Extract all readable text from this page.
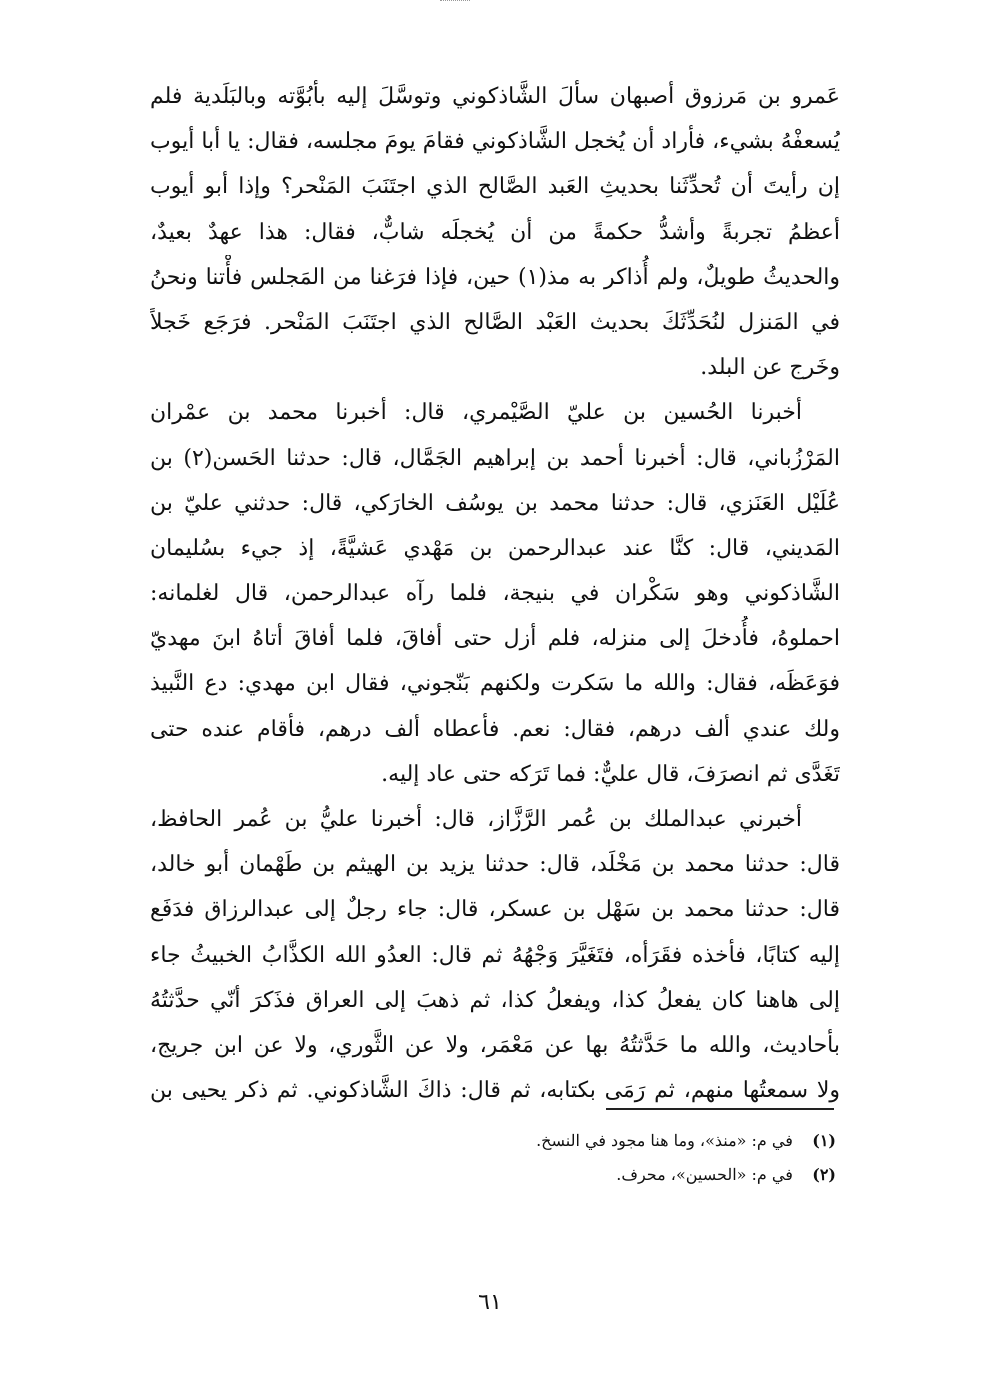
عَمرو بن مَرزوق أصبهان سألَ الشَّاذكوني وتوسَّلَ إليه بأبُوَّته وبالبَلَدية فلم
يُسعفْهُ بشيء، فأراد أن يُخجل الشَّاذكوني فقامَ يومَ مجلسه، فقال: يا أبا أيوب
إن رأيتَ أن تُحدِّثَنا بحديثِ العَبد الصَّالح الذي اجتَنَبَ المَنْحر؟ وإذا أبو أيوب
أعظمُ تجربةً وأشدُّ حكمةً من أن يُخجلَه شابٌّ، فقال: هذا عهدٌ بعيدٌ،
والحديثُ طويلٌ، ولم أُذاكر به مذ(١) حين، فإذا فرَغنا من المَجلس فأْتنا ونحنُ
في المَنزل لنُحَدِّثَكَ بحديث العَبْد الصَّالح الذي اجتَنَبَ المَنْحر. فرَجَع خَجلاً
وخَرج عن البلد.
أخبرنا الحُسين بن عليّ الصَّيْمري، قال: أخبرنا محمد بن عمْران
المَرْزُباني، قال: أخبرنا أحمد بن إبراهيم الجَمَّال، قال: حدثنا الحَسن(٢) بن
عُلَيْل العَنَزي، قال: حدثنا محمد بن يوسُف الخارَكي، قال: حدثني عليّ بن
المَديني، قال: كنَّا عند عبدالرحمن بن مَهْدي عَشيَّةً، إذ جيء بسُليمان
الشَّاذكوني وهو سَكْران في بنيجة، فلما رآه عبدالرحمن، قال لغلمانه:
احملوهُ، فأُدخلَ إلى منزله، فلم أزل حتى أفاقَ، فلما أفاقَ أتاهُ ابنَ مهديّ
فوَعَظَه، فقال: والله ما سَكرت ولكنهم بَنّجوني، فقال ابن مهدي: دع النَّبيذ
ولك عندي ألف درهم، فقال: نعم. فأعطاه ألف درهم، فأقام عنده حتى
تَغَدَّى ثم انصرَفَ، قال عليٌّ: فما تَرَكه حتى عاد إليه.
أخبرني عبدالملك بن عُمر الرَّزَّاز، قال: أخبرنا عليُّ بن عُمر الحافظ،
قال: حدثنا محمد بن مَخْلَد، قال: حدثنا يزيد بن الهيثم بن طَهْمان أبو خالد،
قال: حدثنا محمد بن سَهْل بن عسكر، قال: جاء رجلٌ إلى عبدالرزاق فدَفَع
إليه كتابًا، فأخذه فقَرَأه، فتَغَيَّرَ وَجْهُهُ ثم قال: العدُو الله الكذَّابُ الخبيثُ جاء
إلى هاهنا كان يفعلُ كذا، ويفعلُ كذا، ثم ذهبَ إلى العراق فذَكرَ أنّي حدَّثتُهُ
بأحاديث، والله ما حَدَّثتُهُ بها عن مَعْمَر، ولا عن الثَّوري، ولا عن ابن جريج،
ولا سمعتُها منهم، ثم رَمَى بكتابه، ثم قال: ذاكَ الشَّاذكوني. ثم ذكر يحيى بن
(١) في م: «منذ»، وما هنا مجود في النسخ.
(٢) في م: «الحسين»، محرف.
٦١
